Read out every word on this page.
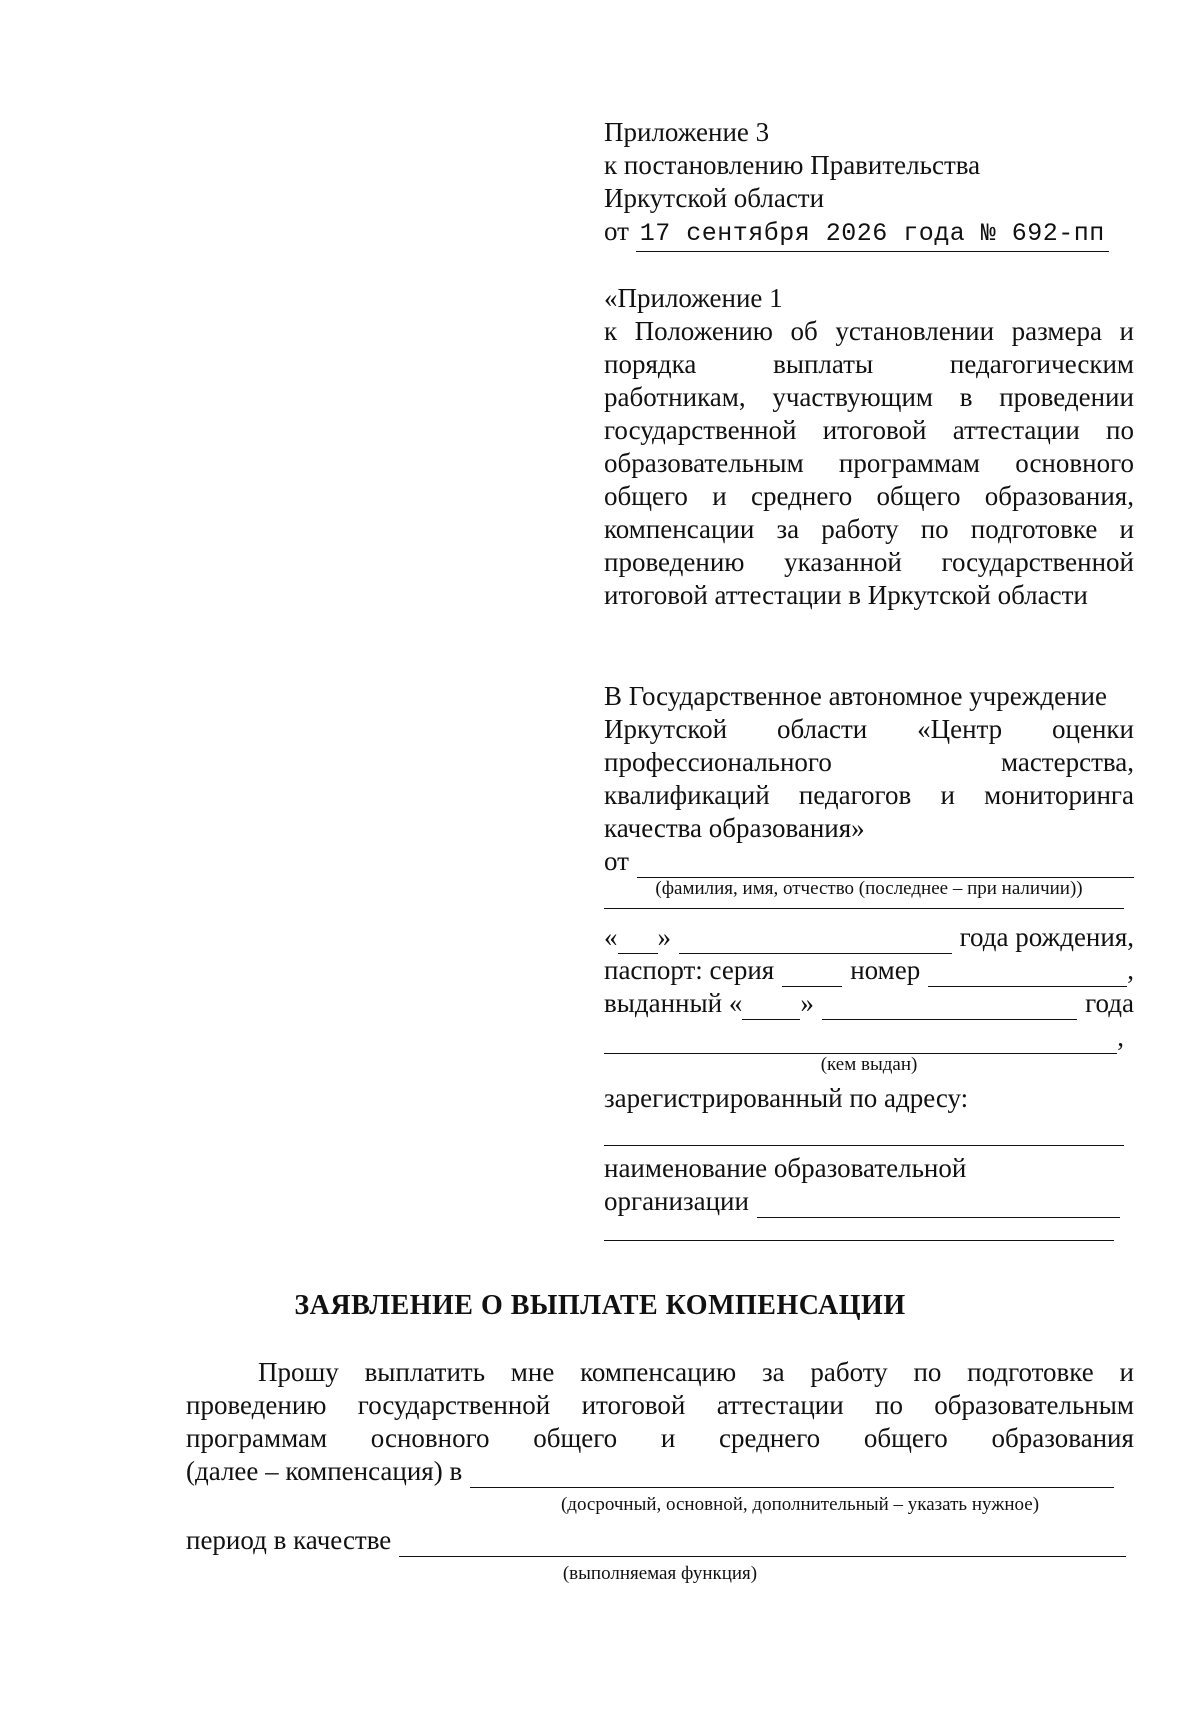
Приложение 3
к постановлению Правительства
Иркутской области
от 17 сентября 2026 года № 692-пп
«Приложение 1
к Положению об установлении размера и
порядка	выплаты	педагогическим
работникам, участвующим в проведении
государственной итоговой аттестации по
образовательным программам основного
общего и среднего общего образования,
компенсации за работу по подготовке и
проведению указанной государственной
итоговой аттестации в Иркутской области
В Государственное автономное учреждение
Иркутской области «Центр оценки
профессионального	мастерства,
квалификаций педагогов и мониторинга
качества образования»
от
(фамилия, имя, отчество (последнее – при наличии))
« »	года рождения,
паспорт: серия	номер	,
выданный « »	года
,
(кем выдан)
зарегистрированный по адресу:
наименование образовательной
организации
ЗАЯВЛЕНИЕ О ВЫПЛАТЕ КОМПЕНСАЦИИ
Прошу выплатить мне компенсацию за работу по подготовке и
проведению государственной итоговой аттестации по образовательным
программам основного общего и среднего общего образования
(далее – компенсация) в
(досрочный, основной, дополнительный – указать нужное)
период в качестве
(выполняемая функция)
